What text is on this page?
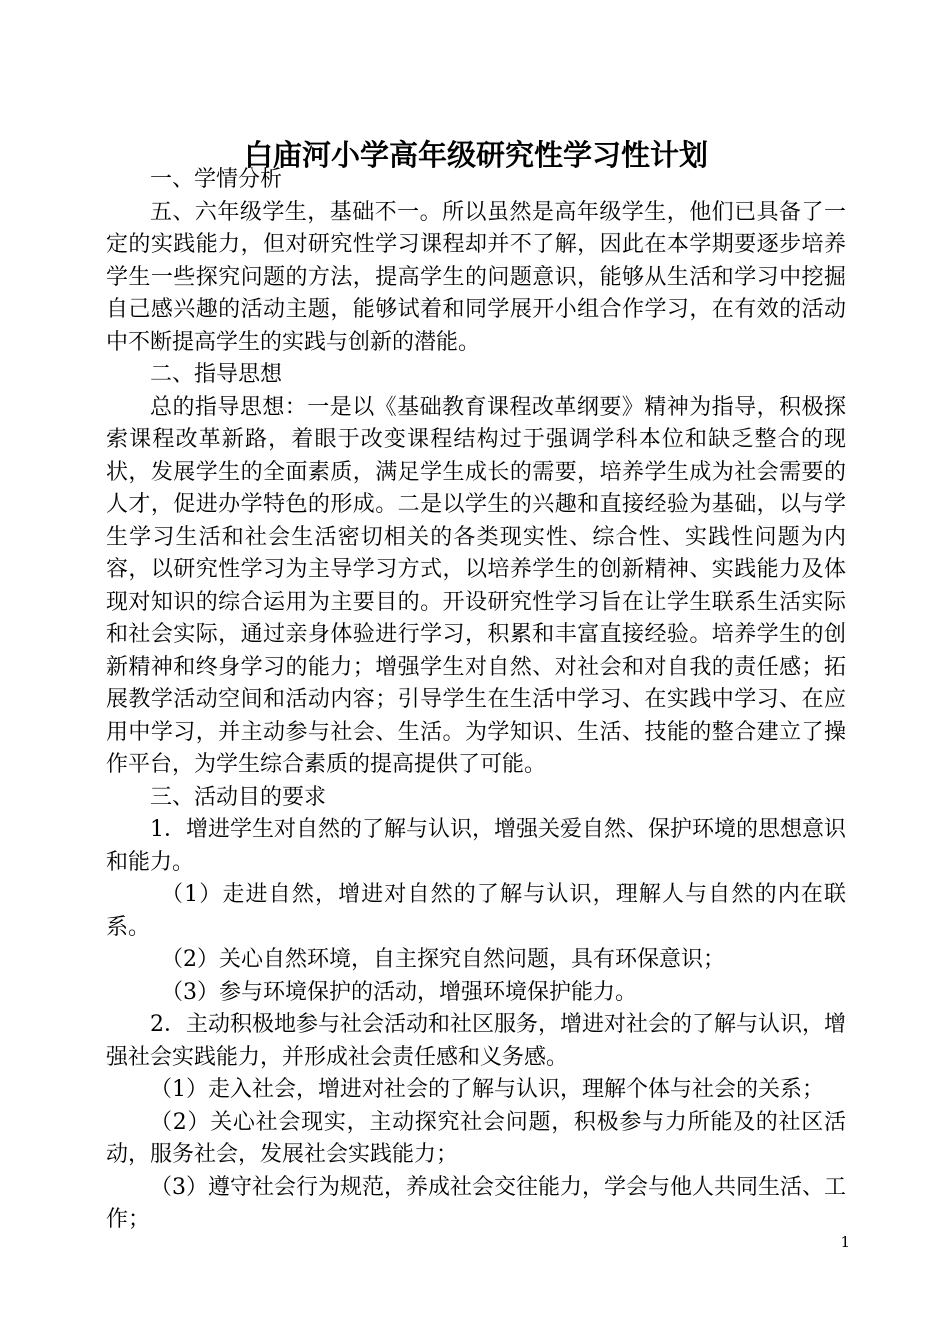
白庙河小学高年级研究性学习性计划

一、学情分析

五、六年级学生，基础不一。所以虽然是高年级学生，他们已具备了一定的实践能力，但对研究性学习课程却并不了解，因此在本学期要逐步培养学生一些探究问题的方法，提高学生的问题意识，能够从生活和学习中挖掘自己感兴趣的活动主题，能够试着和同学展开小组合作学习，在有效的活动中不断提高学生的实践与创新的潜能。

二、指导思想

总的指导思想：一是以《基础教育课程改革纲要》精神为指导，积极探索课程改革新路，着眼于改变课程结构过于强调学科本位和缺乏整合的现状，发展学生的全面素质，满足学生成长的需要，培养学生成为社会需要的人才，促进办学特色的形成。二是以学生的兴趣和直接经验为基础，以与学生学习生活和社会生活密切相关的各类现实性、综合性、实践性问题为内容，以研究性学习为主导学习方式，以培养学生的创新精神、实践能力及体现对知识的综合运用为主要目的。开设研究性学习旨在让学生联系生活实际和社会实际，通过亲身体验进行学习，积累和丰富直接经验。培养学生的创新精神和终身学习的能力；增强学生对自然、对社会和对自我的责任感；拓展教学活动空间和活动内容；引导学生在生活中学习、在实践中学习、在应用中学习，并主动参与社会、生活。为学知识、生活、技能的整合建立了操作平台，为学生综合素质的提高提供了可能。

三、活动目的要求

1．增进学生对自然的了解与认识，增强关爱自然、保护环境的思想意识和能力。

（1）走进自然，增进对自然的了解与认识，理解人与自然的内在联系。

（2）关心自然环境，自主探究自然问题，具有环保意识；

（3）参与环境保护的活动，增强环境保护能力。

2．主动积极地参与社会活动和社区服务，增进对社会的了解与认识，增强社会实践能力，并形成社会责任感和义务感。

（1）走入社会，增进对社会的了解与认识，理解个体与社会的关系；

（2）关心社会现实，主动探究社会问题，积极参与力所能及的社区活动，服务社会，发展社会实践能力；

（3）遵守社会行为规范，养成社会交往能力，学会与他人共同生活、工作；

1
